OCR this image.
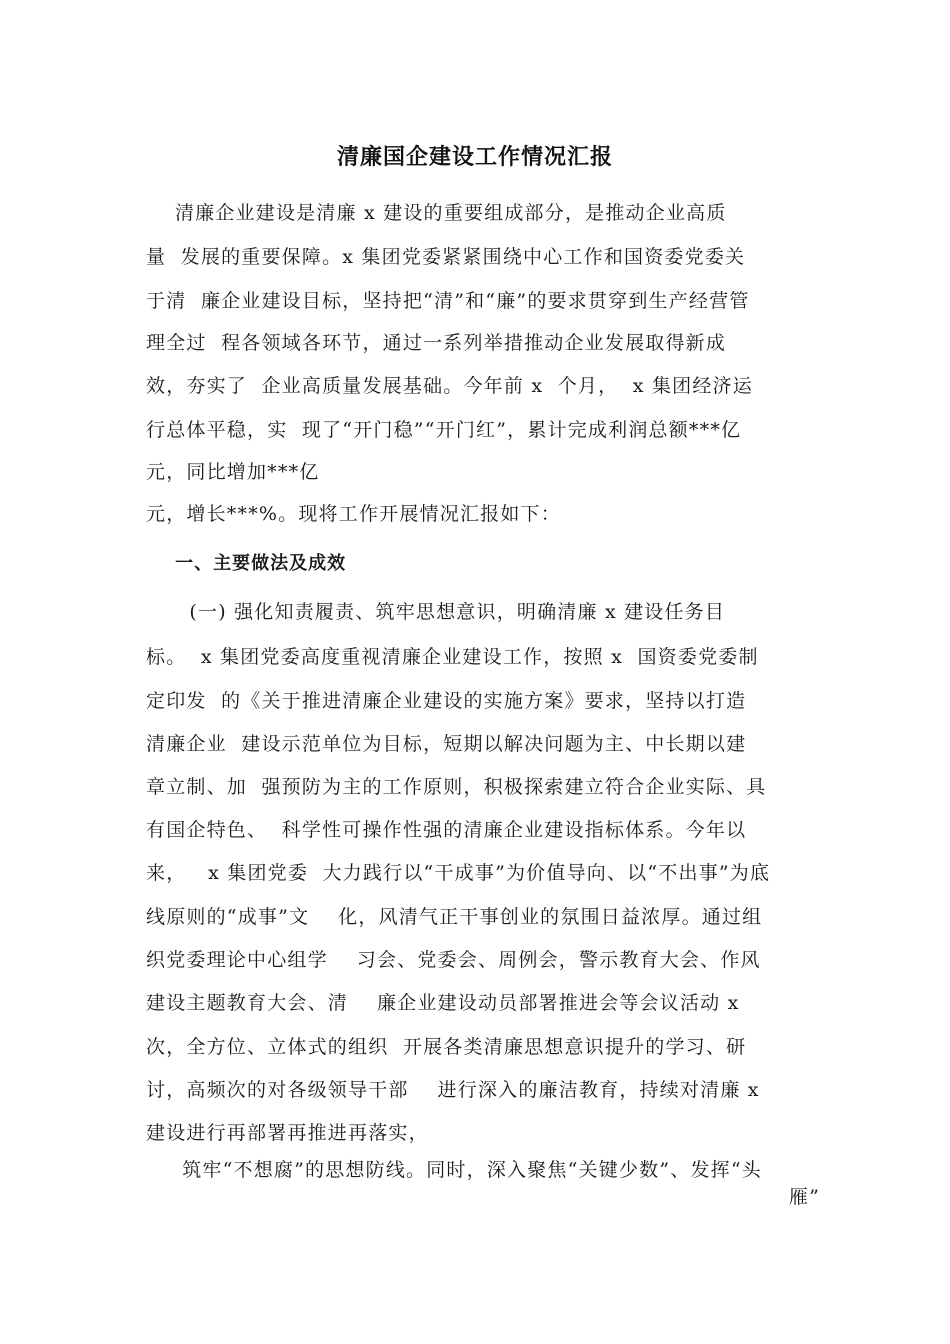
清廉国企建设工作情况汇报
清廉企业建设是清廉 x 建设的重要组成部分，是推动企业高质
量  发展的重要保障。x 集团党委紧紧围绕中心工作和国资委党委关
于清  廉企业建设目标，坚持把“清”和“廉”的要求贯穿到生产经营管
理全过  程各领域各环节，通过一系列举措推动企业发展取得新成
效，夯实了  企业高质量发展基础。今年前 x  个月，  x 集团经济运
行总体平稳，实  现了“开门稳”“开门红”，累计完成利润总额***亿
元，同比增加***亿
元，增长***%。现将工作开展情况汇报如下：
一、主要做法及成效
(一) 强化知责履责、筑牢思想意识，明确清廉 x 建设任务目
标。  x 集团党委高度重视清廉企业建设工作，按照 x  国资委党委制
定印发  的《关于推进清廉企业建设的实施方案》要求，坚持以打造
清廉企业  建设示范单位为目标，短期以解决问题为主、中长期以建
章立制、加  强预防为主的工作原则，积极探索建立符合企业实际、具
有国企特色、  科学性可操作性强的清廉企业建设指标体系。今年以
来，   x 集团党委  大力践行以“干成事”为价值导向、以“不出事”为底
线原则的“成事”文    化，风清气正干事创业的氛围日益浓厚。通过组
织党委理论中心组学    习会、党委会、周例会，警示教育大会、作风
建设主题教育大会、清    廉企业建设动员部署推进会等会议活动 x
次，全方位、立体式的组织  开展各类清廉思想意识提升的学习、研
讨，高频次的对各级领导干部    进行深入的廉洁教育，持续对清廉 x
建设进行再部署再推进再落实，
筑牢“不想腐”的思想防线。同时，深入聚焦“关键少数”、发挥“头
雁”
